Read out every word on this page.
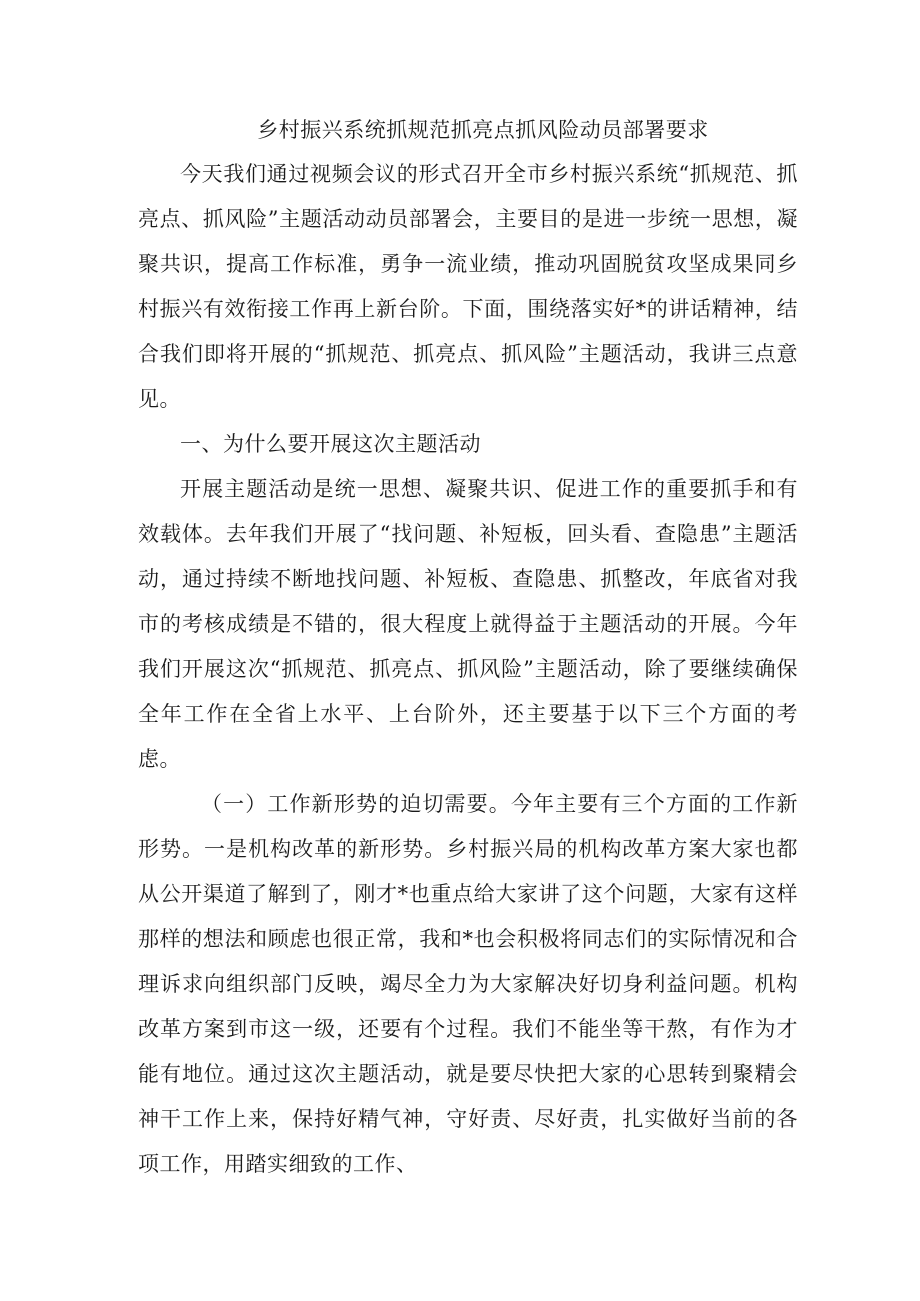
乡村振兴系统抓规范抓亮点抓风险动员部署要求

今天我们通过视频会议的形式召开全市乡村振兴系统“抓规范、抓亮点、抓风险”主题活动动员部署会，主要目的是进一步统一思想，凝聚共识，提高工作标准，勇争一流业绩，推动巩固脱贫攻坚成果同乡村振兴有效衔接工作再上新台阶。下面，围绕落实好*的讲话精神，结合我们即将开展的“抓规范、抓亮点、抓风险”主题活动，我讲三点意见。

一、为什么要开展这次主题活动

开展主题活动是统一思想、凝聚共识、促进工作的重要抓手和有效载体。去年我们开展了“找问题、补短板，回头看、查隐患”主题活动，通过持续不断地找问题、补短板、查隐患、抓整改，年底省对我市的考核成绩是不错的，很大程度上就得益于主题活动的开展。今年我们开展这次“抓规范、抓亮点、抓风险”主题活动，除了要继续确保全年工作在全省上水平、上台阶外，还主要基于以下三个方面的考虑。

（一）工作新形势的迫切需要。今年主要有三个方面的工作新形势。一是机构改革的新形势。乡村振兴局的机构改革方案大家也都从公开渠道了解到了，刚才*也重点给大家讲了这个问题，大家有这样那样的想法和顾虑也很正常，我和*也会积极将同志们的实际情况和合理诉求向组织部门反映，竭尽全力为大家解决好切身利益问题。机构改革方案到市这一级，还要有个过程。我们不能坐等干熬，有作为才能有地位。通过这次主题活动，就是要尽快把大家的心思转到聚精会神干工作上来，保持好精气神，守好责、尽好责，扎实做好当前的各项工作，用踏实细致的工作、
